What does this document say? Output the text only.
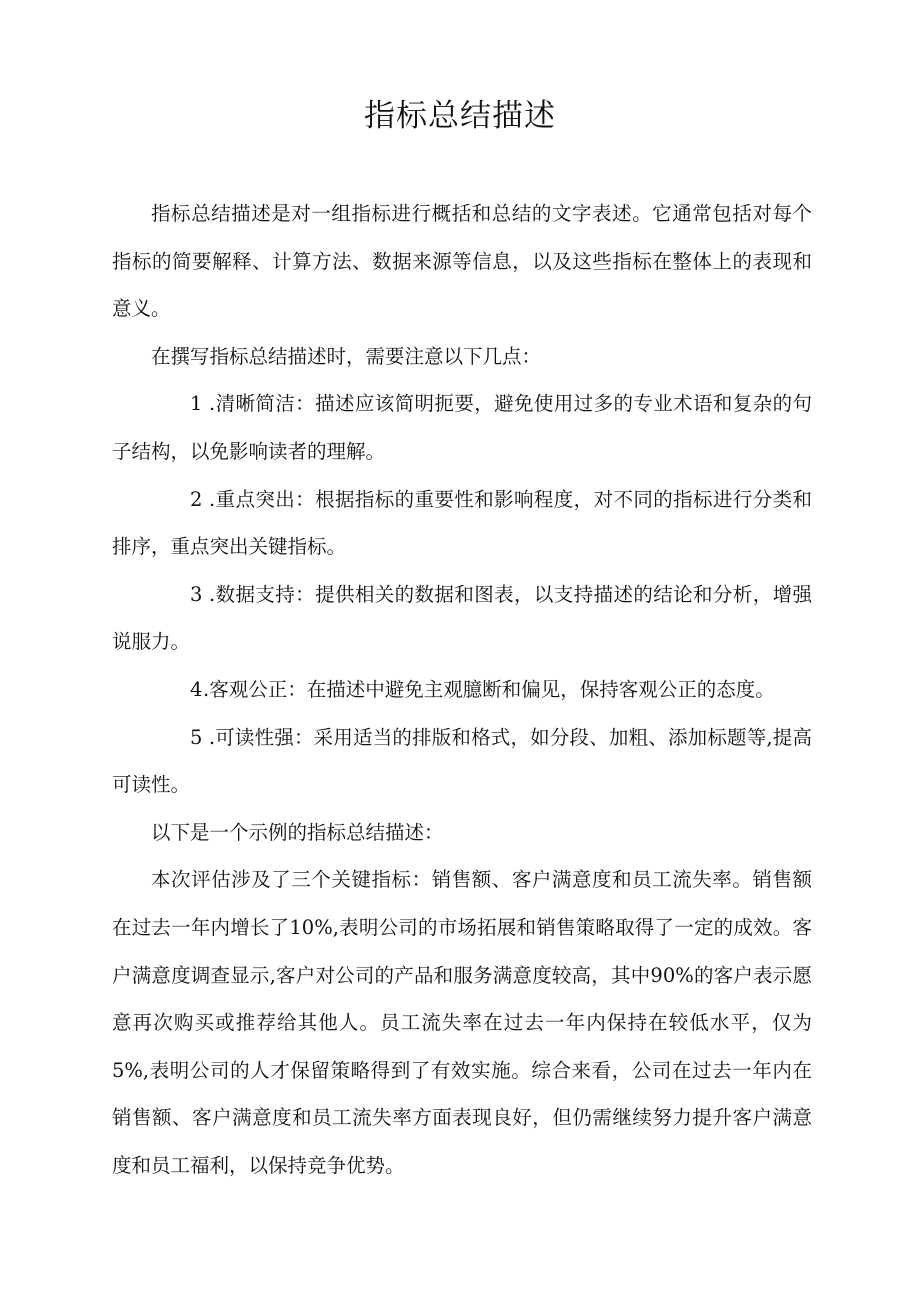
指标总结描述

指标总结描述是对一组指标进行概括和总结的文字表述。它通常包括对每个指标的简要解释、计算方法、数据来源等信息，以及这些指标在整体上的表现和意义。

在撰写指标总结描述时，需要注意以下几点：

1 .清晰简洁：描述应该简明扼要，避免使用过多的专业术语和复杂的句子结构，以免影响读者的理解。

2 .重点突出：根据指标的重要性和影响程度，对不同的指标进行分类和排序，重点突出关键指标。

3 .数据支持：提供相关的数据和图表，以支持描述的结论和分析，增强说服力。

4.客观公正：在描述中避免主观臆断和偏见，保持客观公正的态度。

5 .可读性强：采用适当的排版和格式，如分段、加粗、添加标题等,提高可读性。

以下是一个示例的指标总结描述：

本次评估涉及了三个关键指标：销售额、客户满意度和员工流失率。销售额在过去一年内增长了10%,表明公司的市场拓展和销售策略取得了一定的成效。客户满意度调查显示,客户对公司的产品和服务满意度较高，其中90%的客户表示愿意再次购买或推荐给其他人。员工流失率在过去一年内保持在较低水平，仅为5%,表明公司的人才保留策略得到了有效实施。综合来看，公司在过去一年内在销售额、客户满意度和员工流失率方面表现良好，但仍需继续努力提升客户满意度和员工福利，以保持竞争优势。
